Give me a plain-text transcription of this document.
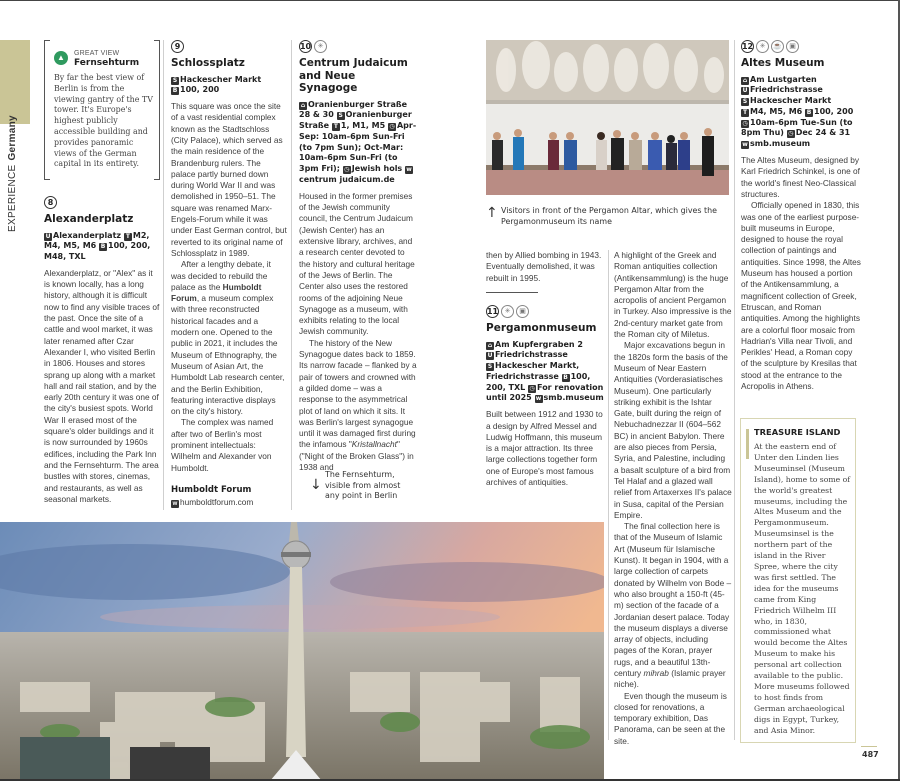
EXPERIENCEGermany
▲	GREAT VIEW
Fernsehturm
By far the best view of Berlin is from the viewing gantry of the TV tower. It's Europe's highest publicly accessible building and provides panoramic views of the German capital in its entirety.
8
Alexanderplatz
U Alexanderplatz T M2, M4, M5, M6 B 100, 200, M48, TXL

Alexanderplatz, or "Alex" as it is known locally, has a long history, although it is difficult now to find any visible traces of the past. Once the site of a cattle and wool market, it was later renamed after Czar Alexander I, who visited Berlin in 1806. Houses and stores sprang up along with a market hall and rail station, and by the early 20th century it was one of the city's busiest spots. World War II erased most of the square's older buildings and it is now surrounded by 1960s edifices, including the Park Inn and the Fernsehturm. The area bustles with stores, cinemas, and restaurants, as well as seasonal markets.

9
Schlossplatz
S Hackescher Markt
B 100, 200

This square was once the site of a vast residential complex known as the Stadtschloss (City Palace), which served as the main residence of the Brandenburg rulers. The palace partly burned down during World War II and was demolished in 1950–51. The square was renamed Marx-Engels-Forum while it was under East German control, but reverted to its original name of Schlossplatz in 1989.

After a lengthy debate, it was decided to rebuild the palace as the Humboldt Forum, a museum complex with three reconstructed historical facades and a modern one. Opened to the public in 2021, it includes the Museum of Ethnography, the Museum of Asian Art, the Humboldt Lab research center, and the Berlin Exhibition, featuring interactive displays on the city's history.

The complex was named after two of Berlin's most prominent intellectuals: Wilhelm and Alexander von Humboldt.

Humboldt Forum
w humboldtforum.com
10 ✳
Centrum Judaicum and Neue Synagoge
⌂ Oranienburger Straße 28 & 30 S Oranienburger Straße T 1, M1, M5 ◷ Apr-Sep: 10am-6pm Sun-Fri (to 7pm Sun); Oct-Mar: 10am-6pm Sun-Fri (to 3pm Fri); ◷ Jewish hols wcentrum judaicum.de

Housed in the former premises of the Jewish community council, the Centrum Judaicum (Jewish Center) has an extensive library, archives, and a research center devoted to the history and cultural heritage of the Jews of Berlin. The Center also uses the restored rooms of the adjoining Neue Synagoge as a museum, with exhibits relating to the local Jewish community.

The history of the New Synagogue dates back to 1859. Its narrow facade – flanked by a pair of towers and crowned with a gilded dome – was a response to the asymmetrical plot of land on which it sits. It was Berlin's largest synagogue until it was damaged first during the infamous "Kristallnacht" ("Night of the Broken Glass") in 1938 and

↓
The Fernsehturm, visible from almost any point in Berlin
↑ Visitors in front of the Pergamon Altar, which gives the Pergamonmuseum its name

then by Allied bombing in 1943. Eventually demolished, it was rebuilt in 1995.

11 ✳ ▣
Pergamonmuseum
⌂ Am Kupfergraben 2
U Friedrichstrasse
S Hackescher Markt, Friedrichstrasse B 100, 200, TXL ◷ For renovation until 2025 w smb.museum

Built between 1912 and 1930 to a design by Alfred Messel and Ludwig Hoffmann, this museum is a major attraction. Its three large collections together form one of Europe's most famous archives of antiquities.

A highlight of the Greek and Roman antiquities collection (Antikensammlung) is the huge Pergamon Altar from the acropolis of ancient Pergamon in Turkey. Also impressive is the 2nd-century market gate from the Roman city of Miletus.

Major excavations begun in the 1820s form the basis of the Museum of Near Eastern Antiquities (Vorderasiatisches Museum). One particularly striking exhibit is the Ishtar Gate, built during the reign of Nebuchadnezzar II (604–562 BC) in ancient Babylon. There are also pieces from Persia, Syria, and Palestine, including a basalt sculpture of a bird from Tel Halaf and a glazed wall relief from Artaxerxes II's palace in Susa, capital of the Persian Empire.

The final collection here is that of the Museum of Islamic Art (Museum für Islamische Kunst). It began in 1904, with a large collection of carpets donated by Wilhelm von Bode – who also brought a 150-ft (45-m) section of the facade of a Jordanian desert palace. Today the museum displays a diverse array of objects, including pages of the Koran, prayer rugs, and a beautiful 13th-century mihrab (Islamic prayer niche).

Even though the museum is closed for renovations, a temporary exhibition, Das Panorama, can be seen at the site.

12 ✳ ☕ ▣
Altes Museum
⌂ Am Lustgarten
U Friedrichstrasse
S Hackescher Markt
T M4, M5, M6 B 100, 200
◷ 10am-6pm Tue-Sun (to 8pm Thu) ◷ Dec 24 & 31
w smb.museum

The Altes Museum, designed by Karl Friedrich Schinkel, is one of the world's finest Neo-Classical structures.

Officially opened in 1830, this was one of the earliest purpose-built museums in Europe, designed to house the royal collection of paintings and antiquities. Since 1998, the Altes Museum has housed a portion of the Antikensammlung, a magnificent collection of Greek, Etruscan, and Roman antiquities. Among the highlights are a colorful floor mosaic from Hadrian's Villa near Tivoli, and Perikles' Head, a Roman copy of the sculpture by Kresilas that stood at the entrance to the Acropolis in Athens.

TREASURE ISLAND
At the eastern end of Unter den Linden lies Museuminsel (Museum Island), home to some of the world's greatest museums, including the Altes Museum and the Pergamonmuseum. Museumsinsel is the northern part of the island in the River Spree, where the city was first settled. The idea for the museums came from King Friedrich Wilhelm III who, in 1830, commissioned what would become the Altes Museum to make his personal art collection available to the public. More museums followed to host finds from German archaeological digs in Egypt, Turkey, and Asia Minor.
487
